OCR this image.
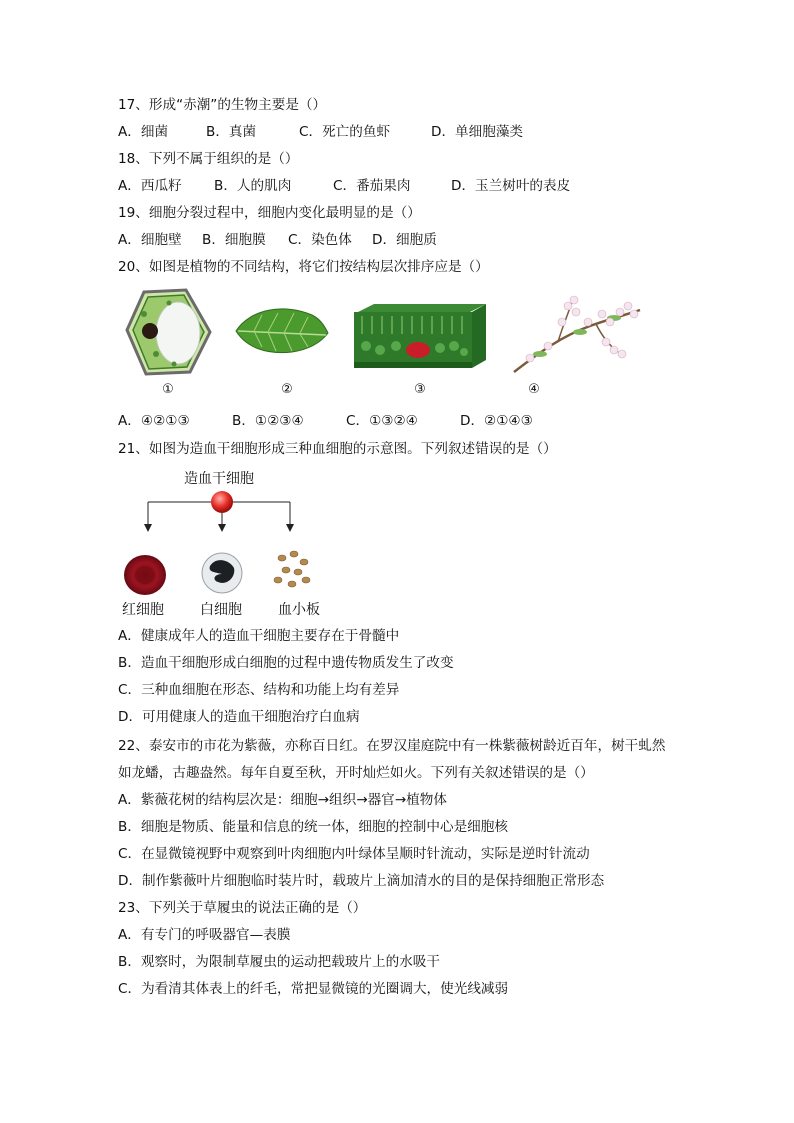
17、形成“赤潮”的生物主要是（）
A．细菌	B．真菌	C．死亡的鱼虾	D．单细胞藻类
18、下列不属于组织的是（）
A．西瓜籽 B．人的肌肉	C．番茄果肉	D．玉兰树叶的表皮
19、细胞分裂过程中，细胞内变化最明显的是（）
A．细胞壁 B．细胞膜 C．染色体 D．细胞质
20、如图是植物的不同结构，将它们按结构层次排序应是（）
①	②	③	④
A．④②①③	B．①②③④	C．①③②④	D．②①④③
21、如图为造血干细胞形成三种血细胞的示意图。下列叙述错误的是（）
造血干细胞
红细胞	白细胞	血小板
A．健康成年人的造血干细胞主要存在于骨髓中
B．造血干细胞形成白细胞的过程中遗传物质发生了改变
C．三种血细胞在形态、结构和功能上均有差异
D．可用健康人的造血干细胞治疗白血病
22、泰安市的市花为紫薇，亦称百日红。在罗汉崖庭院中有一株紫薇树龄近百年，树干虬然
如龙蟠，古趣盎然。每年自夏至秋，开时灿烂如火。下列有关叙述错误的是（）
A．紫薇花树的结构层次是：细胞→组织→器官→植物体
B．细胞是物质、能量和信息的统一体，细胞的控制中心是细胞核
C．在显微镜视野中观察到叶肉细胞内叶绿体呈顺时针流动，实际是逆时针流动
D．制作紫薇叶片细胞临时装片时，载玻片上滴加清水的目的是保持细胞正常形态
23、下列关于草履虫的说法正确的是（）
A．有专门的呼吸器官—表膜
B．观察时，为限制草履虫的运动把载玻片上的水吸干
C．为看清其体表上的纤毛，常把显微镜的光圈调大，使光线减弱
